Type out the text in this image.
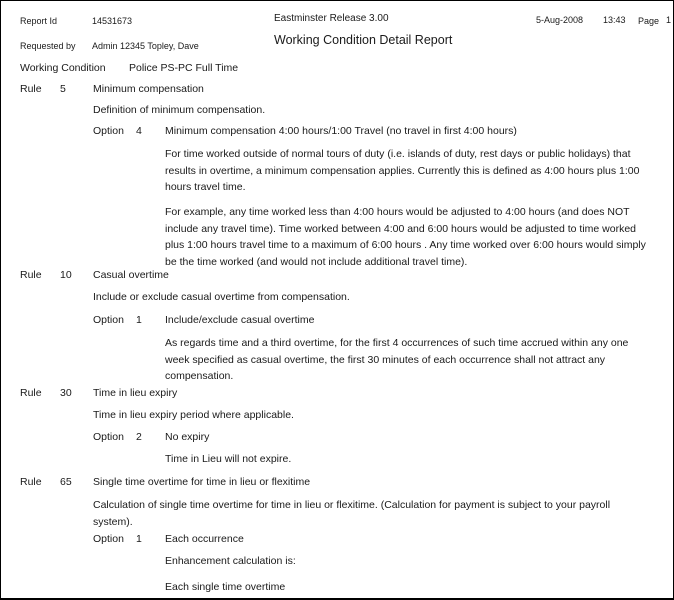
Report Id	14531673
Requested by Admin 12345 Topley, Dave
Eastminster Release 3.00
Working Condition Detail Report
5-Aug-2008 13:43 Page 1
Working Condition Police PS-PC Full Time
Rule 5	Minimum compensation
Definition of minimum compensation.
Option 4 Minimum compensation 4:00 hours/1:00 Travel (no travel in first 4:00 hours)
For time worked outside of normal tours of duty (i.e. islands of duty, rest days or public holidays) that results in overtime, a minimum compensation applies. Currently this is defined as 4:00 hours plus 1:00 hours travel time.
For example, any time worked less than 4:00 hours would be adjusted to 4:00 hours (and does NOT include any travel time). Time worked between 4:00 and 6:00 hours would be adjusted to time worked plus 1:00 hours travel time to a maximum of 6:00 hours . Any time worked over 6:00 hours would simply be the time worked (and would not include additional travel time).
Rule 10 Casual overtime
Include or exclude casual overtime from compensation.
Option 1 Include/exclude casual overtime
As regards time and a third overtime, for the first 4 occurrences of such time accrued within any one week specified as casual overtime, the first 30 minutes of each occurrence shall not attract any compensation.
Rule 30 Time in lieu expiry
Time in lieu expiry period where applicable.
Option 2 No expiry
Time in Lieu will not expire.
Rule 65 Single time overtime for time in lieu or flexitime
Calculation of single time overtime for time in lieu or flexitime. (Calculation for payment is subject to your payroll system).
Option 1 Each occurrence
Enhancement calculation is:
Each single time overtime
